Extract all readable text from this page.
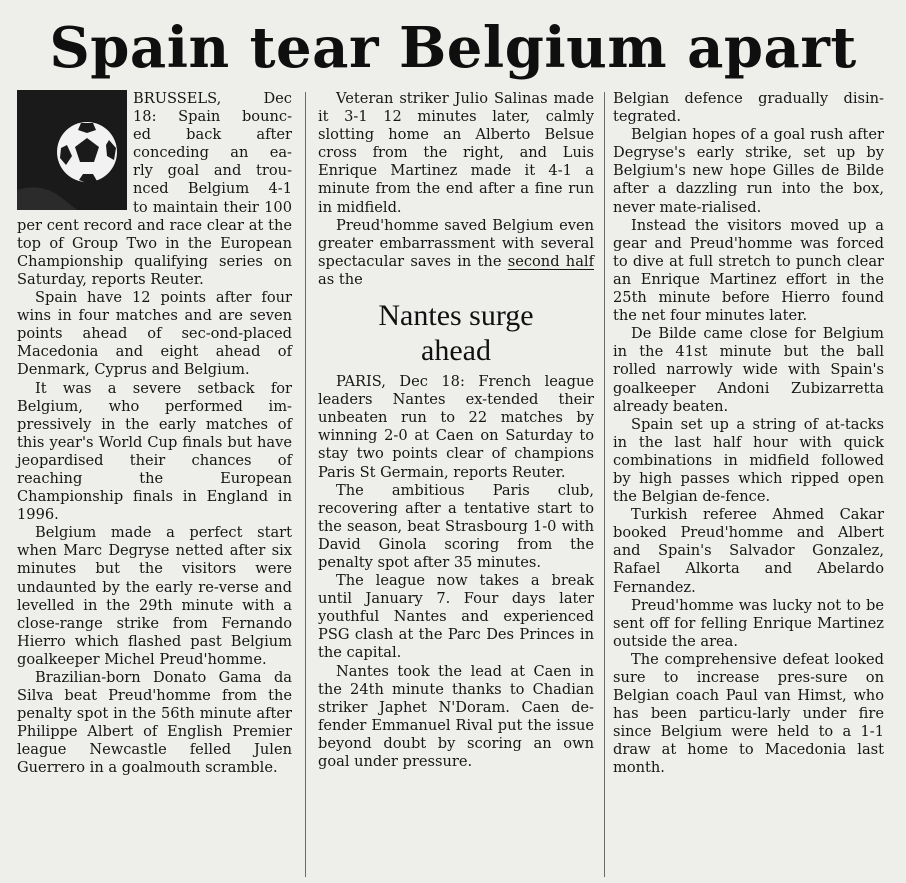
Spain tear Belgium apart

BRUSSELS, Dec
18: Spain bounc-
ed back after
conceding an ea-
rly goal and trou-
nced Belgium 4-1
to maintain their 100 per cent record and race clear at the top of Group Two in the European Championship qualifying series on Saturday, reports Reuter.

Spain have 12 points after four wins in four matches and are seven points ahead of sec-ond-placed Macedonia and eight ahead of Denmark, Cyprus and Belgium.

It was a severe setback for Belgium, who performed im-pressively in the early matches of this year's World Cup finals but have jeopardised their chances of reaching the European Championship finals in England in 1996.

Belgium made a perfect start when Marc Degryse netted after six minutes but the visitors were undaunted by the early re-verse and levelled in the 29th minute with a close-range strike from Fernando Hierro which flashed past Belgium goalkeeper Michel Preud'homme.

Brazilian-born Donato Gama da Silva beat Preud'homme from the penalty spot in the 56th minute after Philippe Albert of English Premier league Newcastle felled Julen Guerrero in a goalmouth scramble.

Veteran striker Julio Salinas made it 3-1 12 minutes later, calmly slotting home an Alberto Belsue cross from the right, and Luis Enrique Martinez made it 4-1 a minute from the end after a fine run in midfield.

Preud'homme saved Belgium even greater embarrassment with several spectacular saves in the second half as the

Nantes surge
ahead

PARIS, Dec 18: French league leaders Nantes ex-tended their unbeaten run to 22 matches by winning 2-0 at Caen on Saturday to stay two points clear of champions Paris St Germain, reports Reuter.

The ambitious Paris club, recovering after a tentative start to the season, beat Strasbourg 1-0 with David Ginola scoring from the penalty spot after 35 minutes.

The league now takes a break until January 7. Four days later youthful Nantes and experienced PSG clash at the Parc Des Princes in the capital.

Nantes took the lead at Caen in the 24th minute thanks to Chadian striker Japhet N'Doram. Caen de-fender Emmanuel Rival put the issue beyond doubt by scoring an own goal under pressure.

Belgian defence gradually disin-tegrated.

Belgian hopes of a goal rush after Degryse's early strike, set up by Belgium's new hope Gilles de Bilde after a dazzling run into the box, never mate-rialised.

Instead the visitors moved up a gear and Preud'homme was forced to dive at full stretch to punch clear an Enrique Martinez effort in the 25th minute before Hierro found the net four minutes later.

De Bilde came close for Belgium in the 41st minute but the ball rolled narrowly wide with Spain's goalkeeper Andoni Zubizarretta already beaten.

Spain set up a string of at-tacks in the last half hour with quick combinations in midfield followed by high passes which ripped open the Belgian de-fence.

Turkish referee Ahmed Cakar booked Preud'homme and Albert and Spain's Salvador Gonzalez, Rafael Alkorta and Abelardo Fernandez.

Preud'homme was lucky not to be sent off for felling Enrique Martinez outside the area.

The comprehensive defeat looked sure to increase pres-sure on Belgian coach Paul van Himst, who has been particu-larly under fire since Belgium were held to a 1-1 draw at home to Macedonia last month.
